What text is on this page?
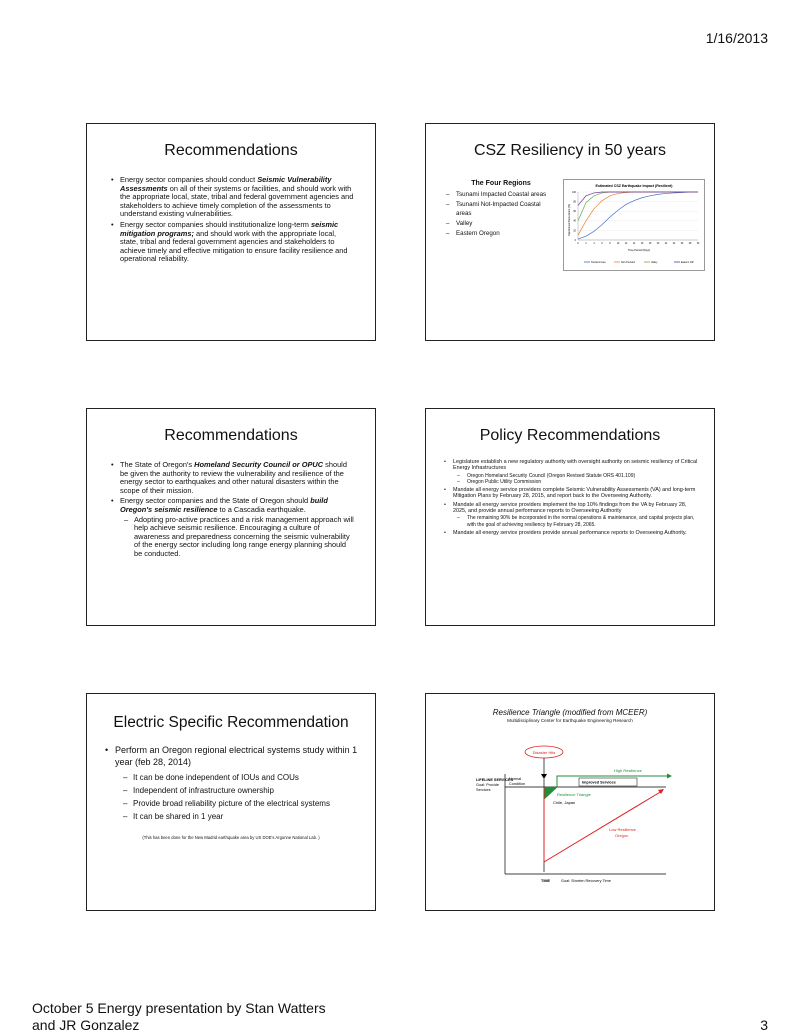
1/16/2013
Recommendations
• Energy sector companies should conduct Seismic Vulnerability Assessments on all of their systems or facilities, and should work with the appropriate local, state, tribal and federal government agencies and stakeholders to achieve timely completion of the assessments to understand existing vulnerabilities.
• Energy sector companies should institutionalize long-term seismic mitigation programs; and should work with the appropriate local, state, tribal and federal government agencies and stakeholders to achieve timely and effective mitigation to ensure facility resilience and operational reliability.
CSZ Resiliency in 50 years
The Four Regions
– Tsunami Impacted Coastal areas
– Tsunami Not-Impacted Coastal areas
– Valley
– Eastern Oregon
Estimated CSZ Earthquake Impact (Resilient)
Operational Restoration (%)
Time Period (Days)
0
20
40
60
80
100
0	2	4	6	8	10	12	14	16	18	20	22	24	26	28	30
Tsunami Area	Non-Tsunami	Valley	Eastern OR
Recommendations
• The State of Oregon's Homeland Security Council or OPUC should be given the authority to review the vulnerability and resilience of the energy sector to earthquakes and other natural disasters within the scope of their mission.
• Energy sector companies and the State of Oregon should build Oregon's seismic resilience to a Cascadia earthquake.
– Adopting pro-active practices and a risk management approach will help achieve seismic resilience. Encouraging a culture of awareness and preparedness concerning the seismic vulnerability of the energy sector including long range energy planning should be conducted.
Policy Recommendations
• Legislature establish a new regulatory authority with oversight authority on seismic resiliency of Critical Energy Infrastructures
– Oregon Homeland Security Council (Oregon Revised Statute ORS 401.109)
– Oregon Public Utility Commission
• Mandate all energy service providers complete Seismic Vulnerability Assessments (VA) and long-term Mitigation Plans by February 28, 2015, and report back to the Overseeing Authority.
• Mandate all energy service providers implement the top 10% findings from the VA by February 28, 2025, and provide annual performance reports to Overseeing Authority
– The remaining 90% be incorporated in the normal operations & maintenance, and capital projects plan, with the goal of achieving resiliency by February 28, 2065.
• Mandate all energy service providers provide annual performance reports to Overseeing Authority.
Electric Specific Recommendation
• Perform an Oregon regional electrical systems study within 1 year (feb 28, 2014)
– It can be done independent of IOUs and COUs
– Independent of infrastructure ownership
– Provide broad reliability picture of the electrical systems
– It can be shared in 1 year
(This has been done for the New Madrid earthquake area by US DOE's Argonne National Lab. )
Resilience Triangle (modified from MCEER)
Multidisciplinary Center for Earthquake Engineering Research
Disaster Hits
LIFELINE SERVICES
Goal: Provide
Services
Normal
Condition
High Resilience
Improved Services
Resilience Triangle
Chile, Japan
Low Resilience
Oregon
TIME	Goal: Shorten Recovery Time
October 5 Energy presentation by Stan Watters
and JR Gonzalez	3
